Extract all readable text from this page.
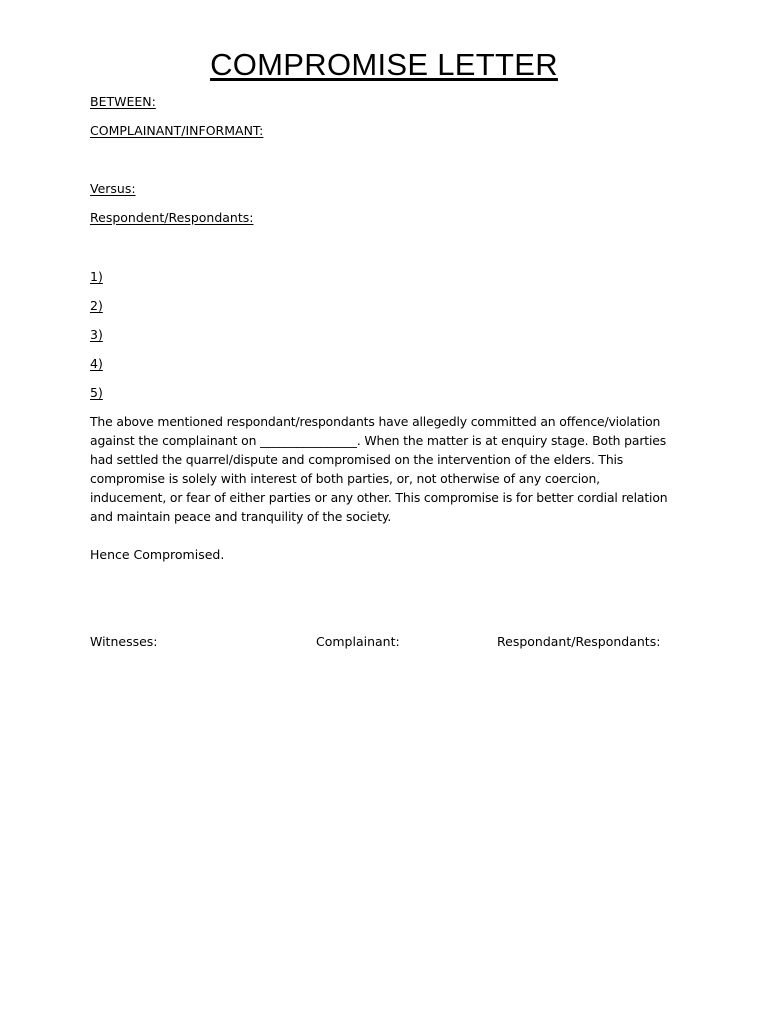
COMPROMISE LETTER
BETWEEN:
COMPLAINANT/INFORMANT:
Versus:
Respondent/Respondants:
1)
2)
3)
4)
5)

The above mentioned respondant/respondants have allegedly committed an offence/violation against the complainant on ________________. When the matter is at enquiry stage. Both parties had settled the quarrel/dispute and compromised on the intervention of the elders. This compromise is solely with interest of both parties, or, not otherwise of any coercion, inducement, or fear of either parties or any other. This compromise is for better cordial relation and maintain peace and tranquility of the society.

Hence Compromised.
Witnesses:	Complainant:	Respondant/Respondants:
